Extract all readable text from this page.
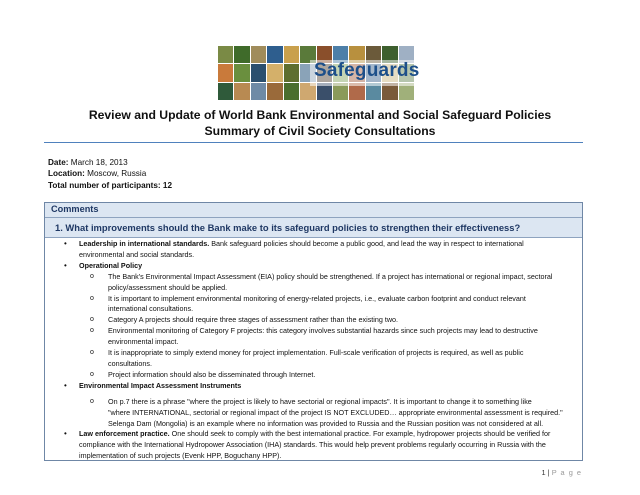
Safeguards
Review and Update of World Bank Environmental and Social Safeguard Policies
Summary of Civil Society Consultations
Date: March 18, 2013
Location: Moscow, Russia
Total number of participants: 12
Comments
1. What improvements should the Bank make to its safeguard policies to strengthen their effectiveness?
• Leadership in international standards. Bank safeguard policies should become a public good, and lead the way in respect to international
environmental and social standards.
• Operational Policy
o The Bank's Environmental Impact Assessment (EIA) policy should be strengthened. If a project has international or regional impact, sectoral
policy/assessment should be applied.
o It is important to implement environmental monitoring of energy-related projects, i.e., evaluate carbon footprint and conduct relevant
international consultations.
o Category A projects should require three stages of assessment rather than the existing two.
o Environmental monitoring of Category F projects: this category involves substantial hazards since such projects may lead to destructive
environmental impact.
o It is inappropriate to simply extend money for project implementation. Full-scale verification of projects is required, as well as public
consultations.
o Project information should also be disseminated through Internet.
• Environmental Impact Assessment Instruments
o On p.7 there is a phrase "where the project is likely to have sectorial or regional impacts". It is important to change it to something like
"where INTERNATIONAL, sectorial or regional impact of the project IS NOT EXCLUDED… appropriate environmental assessment is required."
Selenga Dam (Mongolia) is an example where no information was provided to Russia and the Russian position was not considered at all.
• Law enforcement practice. One should seek to comply with the best international practice. For example, hydropower projects should be verified for
compliance with the International Hydropower Association (IHA) standards. This would help prevent problems regularly occurring in Russia with the
implementation of such projects (Evenk HPP, Boguchany HPP).
1 | P a g e
